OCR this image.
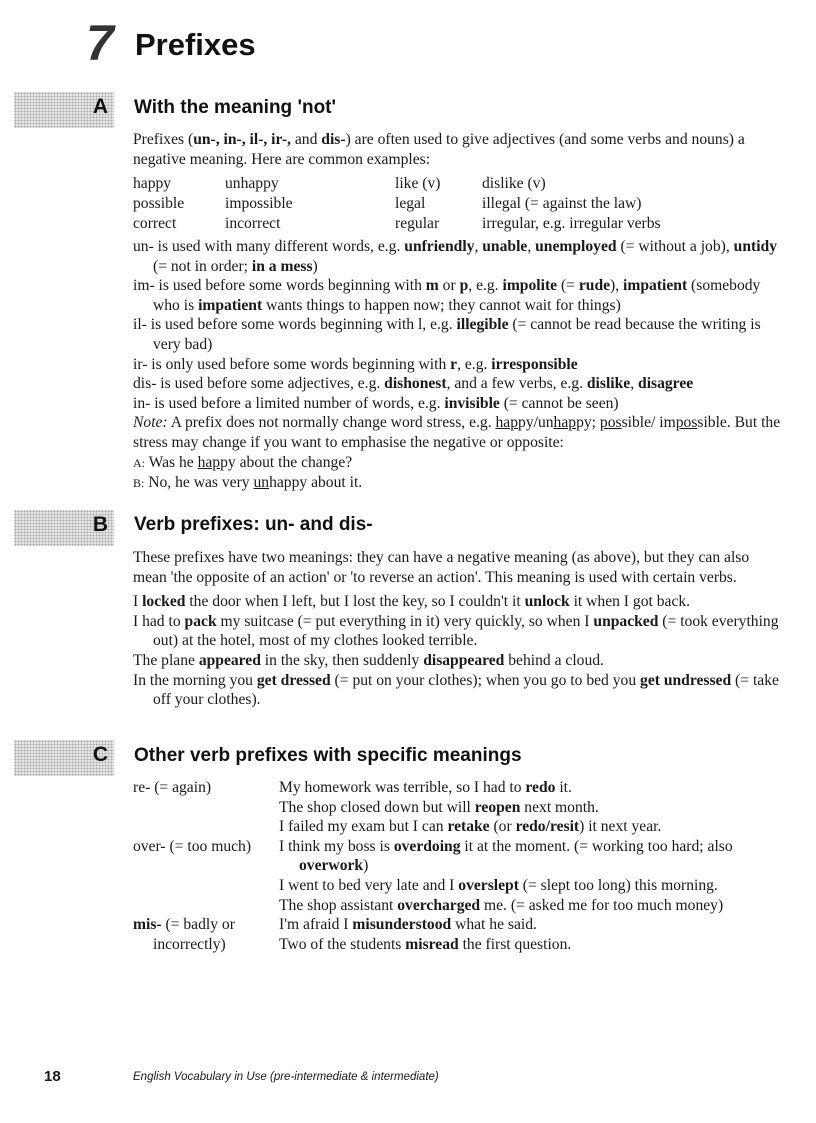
7 Prefixes
A With the meaning 'not'

Prefixes (un-, in-, il-, ir-, and dis-) are often used to give adjectives (and some verbs and nouns) a negative meaning. Here are common examples:

happy	unhappy	like (v)	dislike (v)
possible	impossible	legal	illegal (= against the law)
correct	incorrect	regular	irregular, e.g. irregular verbs

un- is used with many different words, e.g. unfriendly, unable, unemployed (= without a job), untidy (= not in order; in a mess)

im- is used before some words beginning with m or p, e.g. impolite (= rude), impatient (somebody who is impatient wants things to happen now; they cannot wait for things)

il- is used before some words beginning with l, e.g. illegible (= cannot be read because the writing is very bad)

ir- is only used before some words beginning with r, e.g. irresponsible

dis- is used before some adjectives, e.g. dishonest, and a few verbs, e.g. dislike, disagree

in- is used before a limited number of words, e.g. invisible (= cannot be seen)

Note: A prefix does not normally change word stress, e.g. happy/unhappy; possible/ impossible. But the stress may change if you want to emphasise the negative or opposite:

A: Was he happy about the change?

B: No, he was very unhappy about it.

B Verb prefixes: un- and dis-

These prefixes have two meanings: they can have a negative meaning (as above), but they can also mean 'the opposite of an action' or 'to reverse an action'. This meaning is used with certain verbs.

I locked the door when I left, but I lost the key, so I couldn't it unlock it when I got back.

I had to pack my suitcase (= put everything in it) very quickly, so when I unpacked (= took everything out) at the hotel, most of my clothes looked terrible.

The plane appeared in the sky, then suddenly disappeared behind a cloud.

In the morning you get dressed (= put on your clothes); when you go to bed you get undressed (= take off your clothes).

C Other verb prefixes with specific meanings
re- (= again)	My homework was terrible, so I had to redo it.
The shop closed down but will reopen next month.
I failed my exam but I can retake (or redo/resit) it next year.

over- (= too much)	I think my boss is overdoing it at the moment. (= working too hard; also overwork)
I went to bed very late and I overslept (= slept too long) this morning.
The shop assistant overcharged me. (= asked me for too much money)

mis- (= badly or incorrectly)	I'm afraid I misunderstood what he said.
Two of the students misread the first question.
18	English Vocabulary in Use (pre-intermediate & intermediate)
